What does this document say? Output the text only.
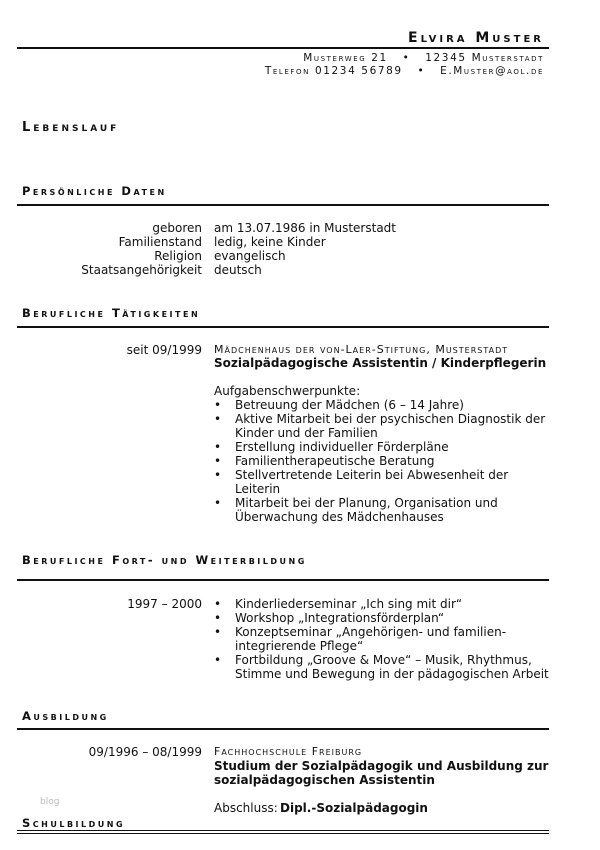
Elvira Muster
Musterweg 21   •   12345 Musterstadt
Telefon 01234 56789   •   E.Muster@aol.de
Lebenslauf
Persönliche Daten
geboren am 13.07.1986 in Musterstadt
Familienstand ledig, keine Kinder
Religion evangelisch
Staatsangehörigkeit deutsch
Berufliche Tätigkeiten
seit 09/1999 Mädchenhaus der von-Laer-Stiftung, Musterstadt
Sozialpädagogische Assistentin / Kinderpflegerin
Aufgabenschwerpunkte:
• Betreuung der Mädchen (6 – 14 Jahre)
• Aktive Mitarbeit bei der psychischen Diagnostik der
Kinder und der Familien
• Erstellung individueller Förderpläne
• Familientherapeutische Beratung
• Stellvertretende Leiterin bei Abwesenheit der
Leiterin
• Mitarbeit bei der Planung, Organisation und
Überwachung des Mädchenhauses
Berufliche Fort- und Weiterbildung
1997 – 2000 • Kinderliederseminar „Ich sing mit dir“
• Workshop „Integrationsförderplan“
• Konzeptseminar „Angehörigen- und familien-
integrierende Pflege“
• Fortbildung „Groove & Move“ – Musik, Rhythmus,
Stimme und Bewegung in der pädagogischen Arbeit
Ausbildung
09/1996 – 08/1999 Fachhochschule Freiburg
Studium der Sozialpädagogik und Ausbildung zur
sozialpädagogischen Assistentin
Abschluss: Dipl.-Sozialpädagogin
Schulbildung
blog
